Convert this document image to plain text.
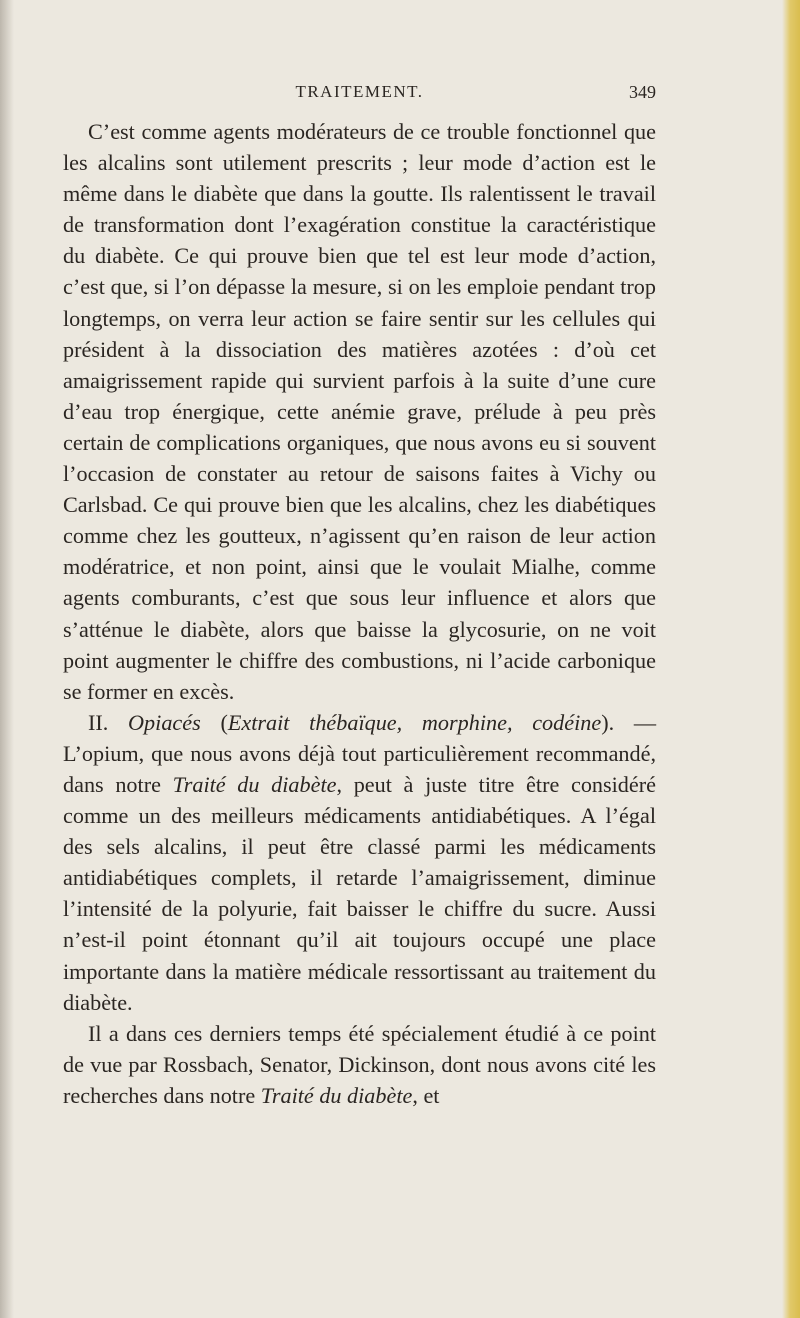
TRAITEMENT.	349

C’est comme agents modérateurs de ce trouble fonctionnel que les alcalins sont utilement prescrits ; leur mode d’action est le même dans le diabète que dans la goutte. Ils ralentissent le travail de transformation dont l’exagération constitue la caractéristique du diabète. Ce qui prouve bien que tel est leur mode d’action, c’est que, si l’on dépasse la mesure, si on les emploie pendant trop longtemps, on verra leur action se faire sentir sur les cellules qui président à la dissociation des matières azotées : d’où cet amaigrissement rapide qui survient parfois à la suite d’une cure d’eau trop énergique, cette anémie grave, prélude à peu près certain de complications organiques, que nous avons eu si souvent l’occasion de constater au retour de saisons faites à Vichy ou Carlsbad. Ce qui prouve bien que les alcalins, chez les diabétiques comme chez les goutteux, n’agissent qu’en raison de leur action modératrice, et non point, ainsi que le voulait Mialhe, comme agents comburants, c’est que sous leur influence et alors que s’atténue le diabète, alors que baisse la glycosurie, on ne voit point augmenter le chiffre des combustions, ni l’acide carbonique se former en excès.

II. Opiacés (Extrait thébaïque, morphine, codéine). — L’opium, que nous avons déjà tout particulièrement recommandé, dans notre Traité du diabète, peut à juste titre être considéré comme un des meilleurs médicaments antidiabétiques. A l’égal des sels alcalins, il peut être classé parmi les médicaments antidiabétiques complets, il retarde l’amaigrissement, diminue l’intensité de la polyurie, fait baisser le chiffre du sucre. Aussi n’est-il point étonnant qu’il ait toujours occupé une place importante dans la matière médicale ressortissant au traitement du diabète.

Il a dans ces derniers temps été spécialement étudié à ce point de vue par Rossbach, Senator, Dickinson, dont nous avons cité les recherches dans notre Traité du diabète, et
